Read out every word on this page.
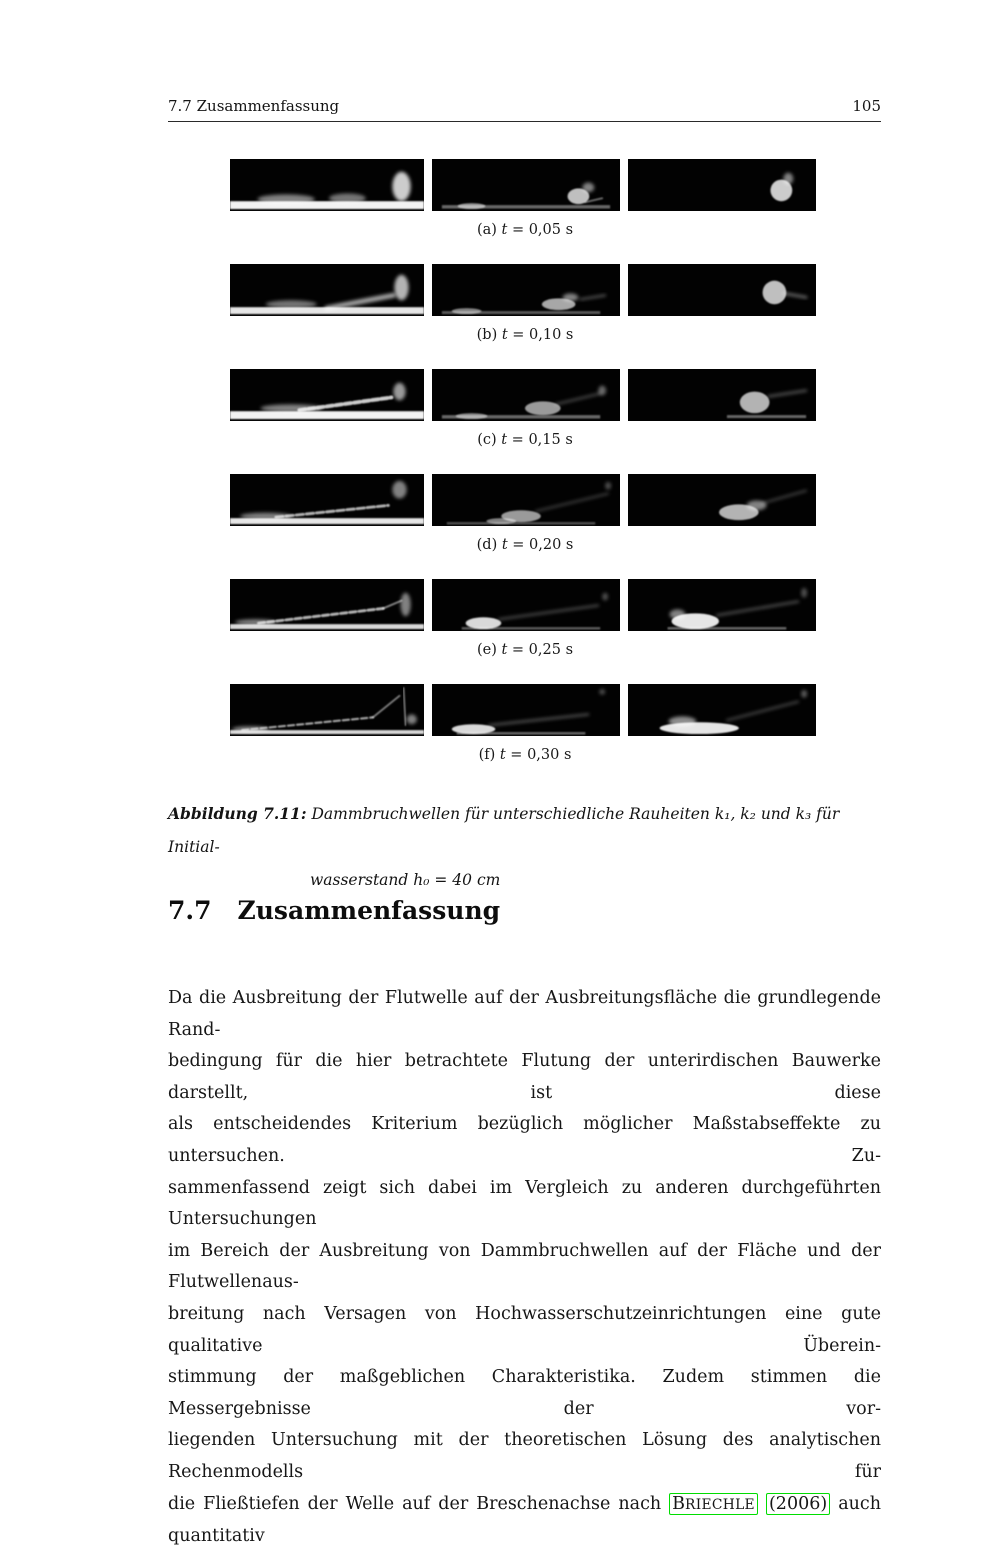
7.7 Zusammenfassung	105
(a) t = 0,05 s
(b) t = 0,10 s
(c) t = 0,15 s
(d) t = 0,20 s
(e) t = 0,25 s
(f) t = 0,30 s
Abbildung 7.11: Dammbruchwellen für unterschiedliche Rauheiten k₁, k₂ und k₃ für Initial-
wasserstand h₀ = 40 cm
7.7 Zusammenfassung
Da die Ausbreitung der Flutwelle auf der Ausbreitungsfläche die grundlegende Rand-
bedingung für die hier betrachtete Flutung der unterirdischen Bauwerke darstellt, ist diese
als entscheidendes Kriterium bezüglich möglicher Maßstabseffekte zu untersuchen. Zu-
sammenfassend zeigt sich dabei im Vergleich zu anderen durchgeführten Untersuchungen
im Bereich der Ausbreitung von Dammbruchwellen auf der Fläche und der Flutwellenaus-
breitung nach Versagen von Hochwasserschutzeinrichtungen eine gute qualitative Überein-
stimmung der maßgeblichen Charakteristika. Zudem stimmen die Messergebnisse der vor-
liegenden Untersuchung mit der theoretischen Lösung des analytischen Rechenmodells für
die Fließtiefen der Welle auf der Breschenachse nach BRIECHLE (2006) auch quantitativ
